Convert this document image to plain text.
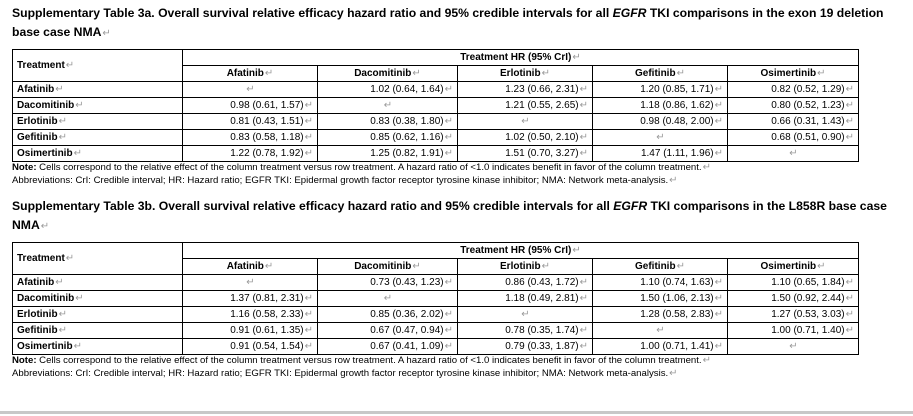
Supplementary Table 3a. Overall survival relative efficacy hazard ratio and 95% credible intervals for all EGFR TKI comparisons in the exon 19 deletion base case NMA↵

Treatment↵	Treatment HR (95% CrI)↵				
	Afatinib↵	Dacomitinib↵	Erlotinib↵	Gefitinib↵	Osimertinib↵
Afatinib↵	↵	1.02 (0.64, 1.64)↵	1.23 (0.66, 2.31)↵	1.20 (0.85, 1.71)↵	0.82 (0.52, 1.29)↵
Dacomitinib↵	0.98 (0.61, 1.57)↵	↵	1.21 (0.55, 2.65)↵	1.18 (0.86, 1.62)↵	0.80 (0.52, 1.23)↵
Erlotinib↵	0.81 (0.43, 1.51)↵	0.83 (0.38, 1.80)↵	↵	0.98 (0.48, 2.00)↵	0.66 (0.31, 1.43)↵
Gefitinib↵	0.83 (0.58, 1.18)↵	0.85 (0.62, 1.16)↵	1.02 (0.50, 2.10)↵	↵	0.68 (0.51, 0.90)↵
Osimertinib↵	1.22 (0.78, 1.92)↵	1.25 (0.82, 1.91)↵	1.51 (0.70, 3.27)↵	1.47 (1.11, 1.96)↵	↵

Note: Cells correspond to the relative effect of the column treatment versus row treatment. A hazard ratio of <1.0 indicates benefit in favor of the column treatment.↵

Abbreviations: CrI: Credible interval; HR: Hazard ratio; EGFR TKI: Epidermal growth factor receptor tyrosine kinase inhibitor; NMA: Network meta-analysis.↵

Supplementary Table 3b. Overall survival relative efficacy hazard ratio and 95% credible intervals for all EGFR TKI comparisons in the L858R base case NMA↵

Treatment↵	Treatment HR (95% CrI)↵				
	Afatinib↵	Dacomitinib↵	Erlotinib↵	Gefitinib↵	Osimertinib↵
Afatinib↵	↵	0.73 (0.43, 1.23)↵	0.86 (0.43, 1.72)↵	1.10 (0.74, 1.63)↵	1.10 (0.65, 1.84)↵
Dacomitinib↵	1.37 (0.81, 2.31)↵	↵	1.18 (0.49, 2.81)↵	1.50 (1.06, 2.13)↵	1.50 (0.92, 2.44)↵
Erlotinib↵	1.16 (0.58, 2.33)↵	0.85 (0.36, 2.02)↵	↵	1.28 (0.58, 2.83)↵	1.27 (0.53, 3.03)↵
Gefitinib↵	0.91 (0.61, 1.35)↵	0.67 (0.47, 0.94)↵	0.78 (0.35, 1.74)↵	↵	1.00 (0.71, 1.40)↵
Osimertinib↵	0.91 (0.54, 1.54)↵	0.67 (0.41, 1.09)↵	0.79 (0.33, 1.87)↵	1.00 (0.71, 1.41)↵	↵

Note: Cells correspond to the relative effect of the column treatment versus row treatment. A hazard ratio of <1.0 indicates benefit in favor of the column treatment.↵

Abbreviations: CrI: Credible interval; HR: Hazard ratio; EGFR TKI: Epidermal growth factor receptor tyrosine kinase inhibitor; NMA: Network meta-analysis.↵
